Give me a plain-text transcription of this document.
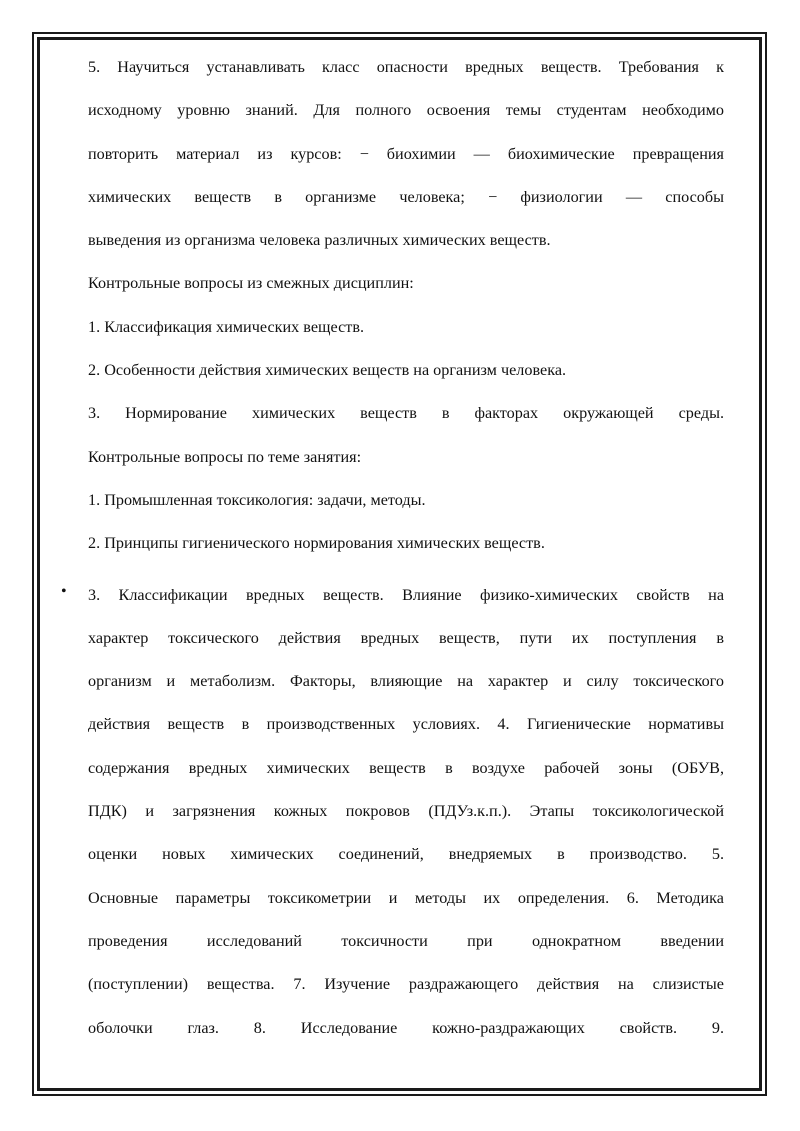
5. Научиться устанавливать класс опасности вредных веществ. Требования к
исходному уровню знаний. Для полного освоения темы студентам необходимо
повторить материал из курсов: − биохимии — биохимические превращения
химических веществ в организме человека; − физиологии — способы
выведения из организма человека различных химических веществ.
Контрольные вопросы из смежных дисциплин:
1. Классификация химических веществ.
2. Особенности действия химических веществ на организм человека.
3. Нормирование химических веществ в факторах окружающей среды.
Контрольные вопросы по теме занятия:
1. Промышленная токсикология: задачи, методы.
2. Принципы гигиенического нормирования химических веществ.
• 3. Классификации вредных веществ. Влияние физико-химических свойств на
характер токсического действия вредных веществ, пути их поступления в
организм и метаболизм. Факторы, влияющие на характер и силу токсического
действия веществ в производственных условиях. 4. Гигиенические нормативы
содержания вредных химических веществ в воздухе рабочей зоны (ОБУВ,
ПДК) и загрязнения кожных покровов (ПДУз.к.п.). Этапы токсикологической
оценки новых химических соединений, внедряемых в производство. 5.
Основные параметры токсикометрии и методы их определения. 6. Методика
проведения исследований токсичности при однократном введении
(поступлении) вещества. 7. Изучение раздражающего действия на слизистые
оболочки глаз. 8. Исследование кожно-раздражающих свойств. 9.
